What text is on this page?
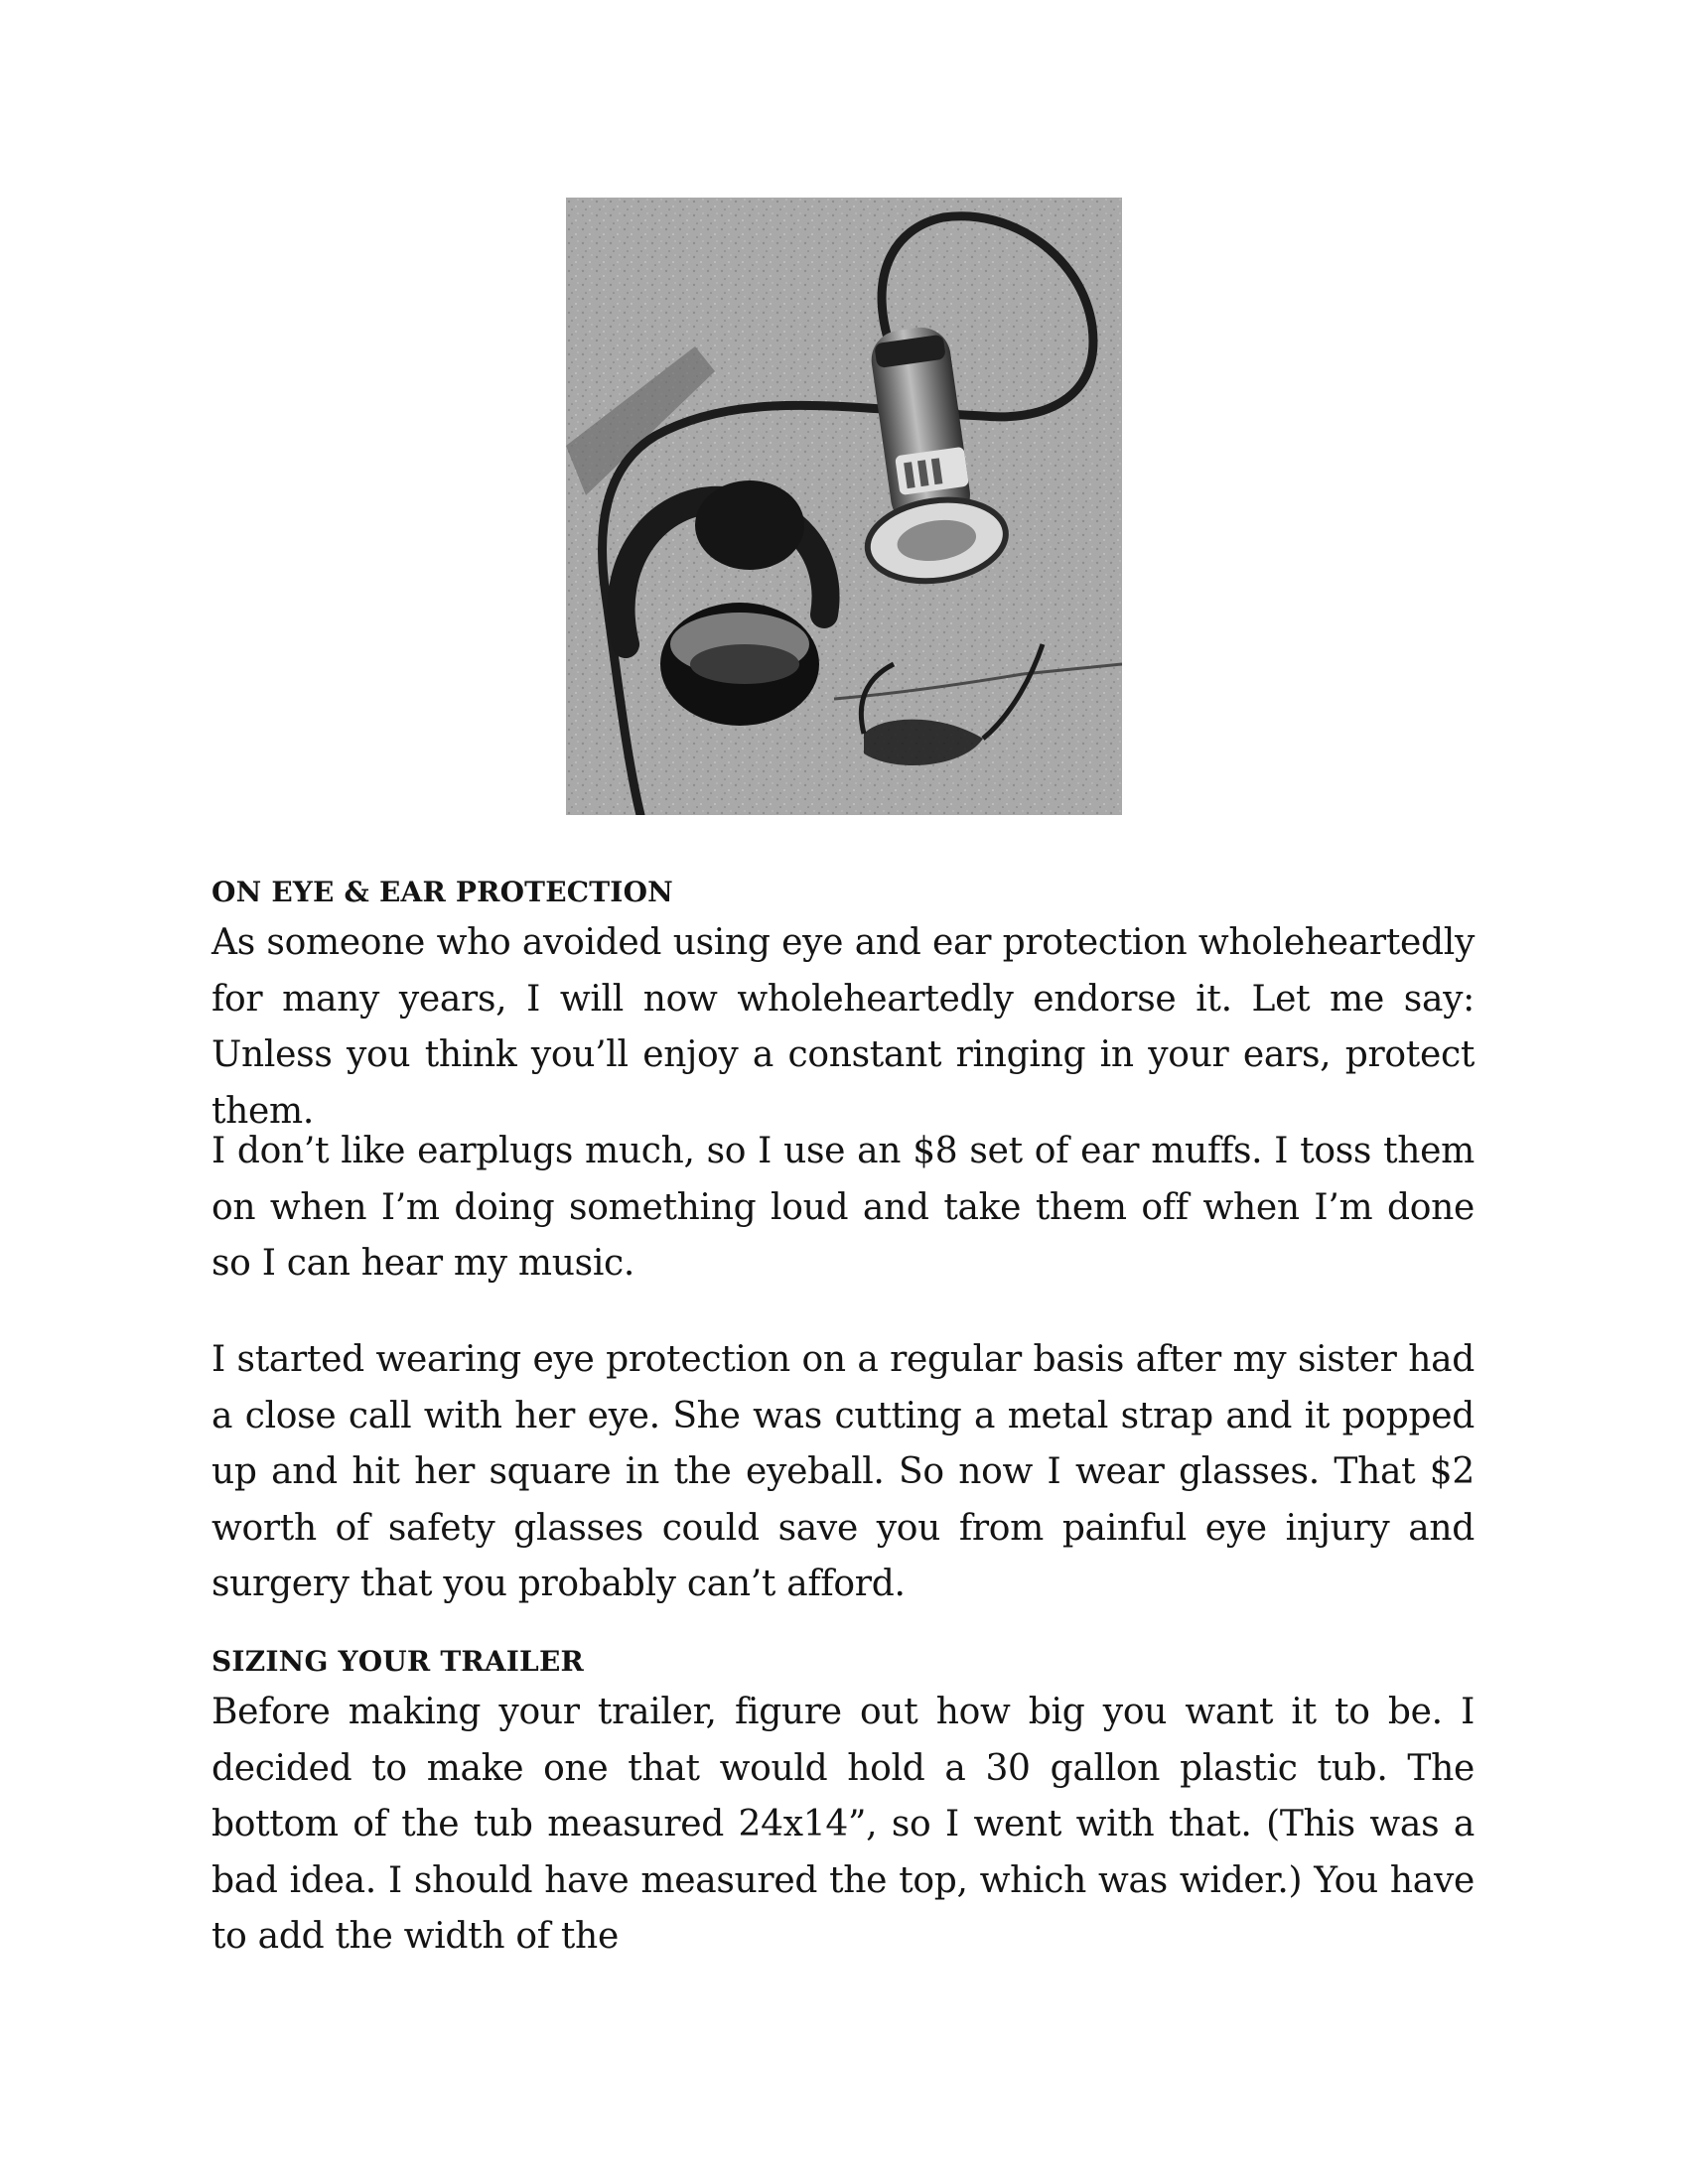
ON EYE & EAR PROTECTION

As someone who avoided using eye and ear protection wholeheartedly for many years, I will now wholeheartedly endorse it. Let me say: Unless you think you’ll enjoy a constant ringing in your ears, protect them.

I don’t like earplugs much, so I use an $8 set of ear muffs. I toss them on when I’m doing something loud and take them off when I’m done so I can hear my music.

I started wearing eye protection on a regular basis after my sister had a close call with her eye. She was cutting a metal strap and it popped up and hit her square in the eyeball. So now I wear glasses. That $2 worth of safety glasses could save you from painful eye injury and surgery that you probably can’t afford.

SIZING YOUR TRAILER

Before making your trailer, figure out how big you want it to be. I decided to make one that would hold a 30 gallon plastic tub. The bottom of the tub measured 24x14”, so I went with that. (This was a bad idea. I should have measured the top, which was wider.) You have to add the width of the
